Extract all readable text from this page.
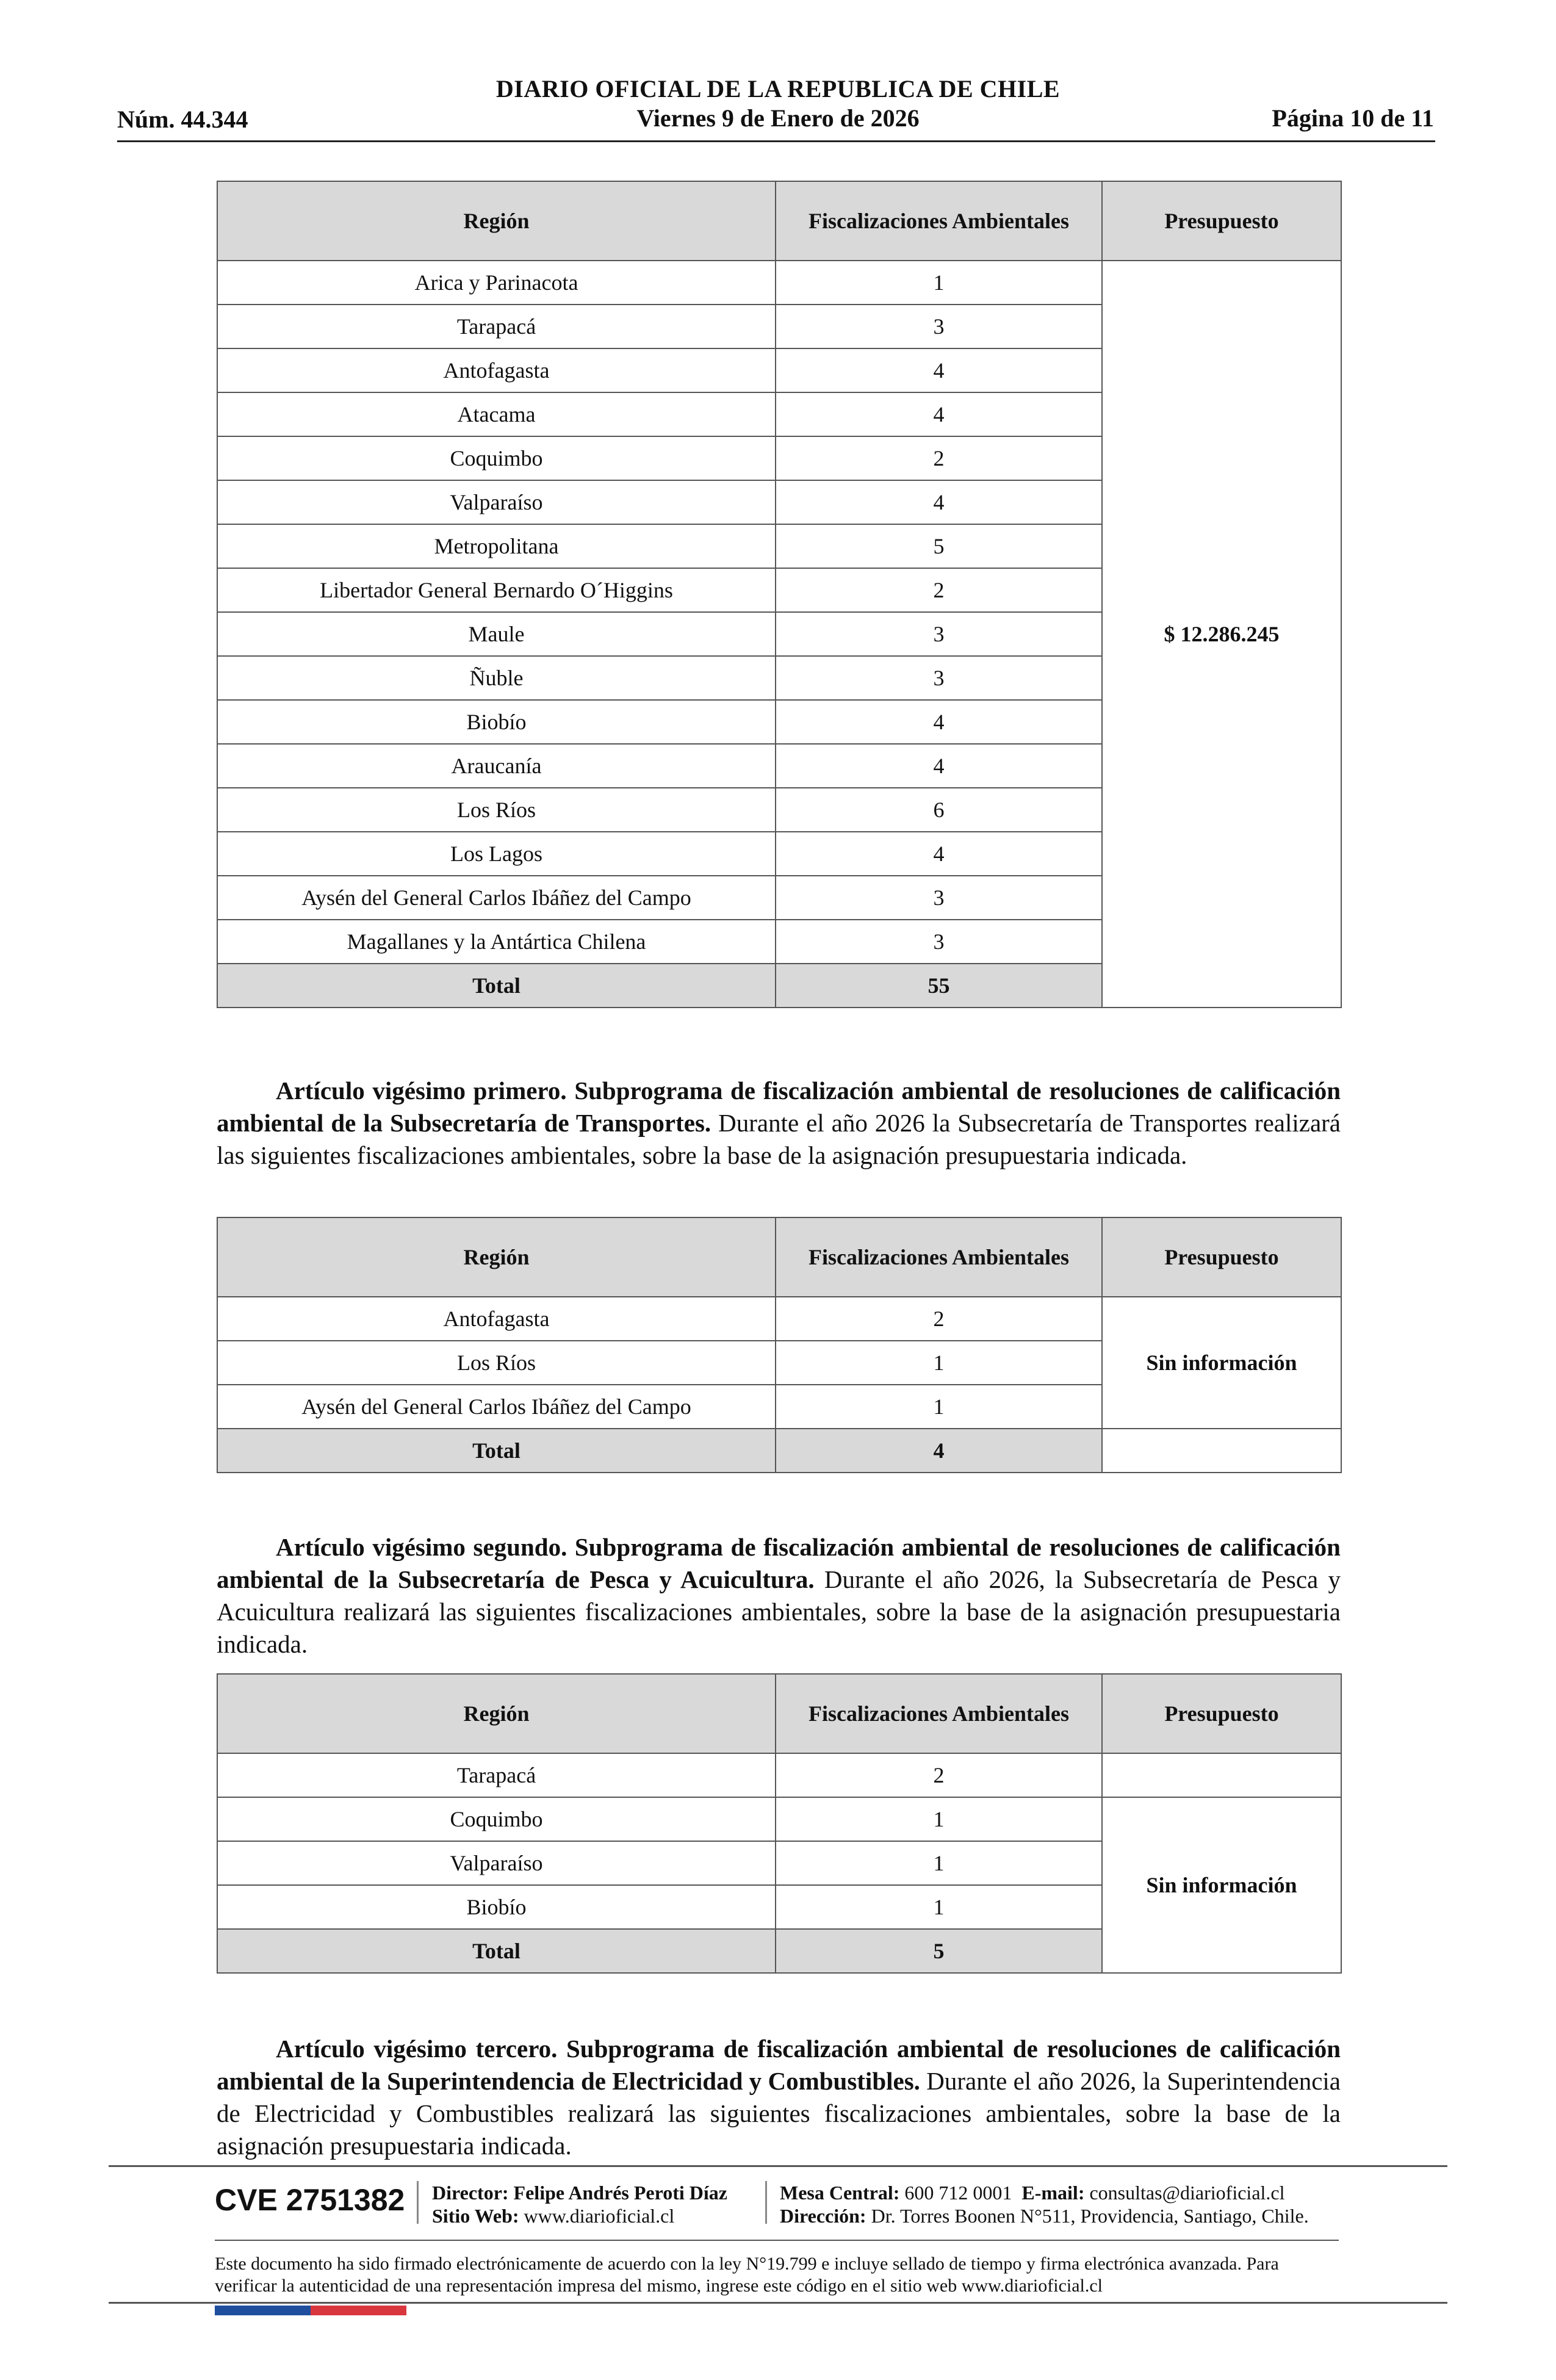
DIARIO OFICIAL DE LA REPUBLICA DE CHILE
Viernes 9 de Enero de 2026
Núm. 44.344	Página 10 de 11
Región	Fiscalizaciones Ambientales	Presupuesto
Arica y Parinacota	1	$ 12.286.245
Tarapacá	3	
Antofagasta	4	
Atacama	4	
Coquimbo	2	
Valparaíso	4	
Metropolitana	5	
Libertador General Bernardo O´Higgins	2	
Maule	3	
Ñuble	3	
Biobío	4	
Araucanía	4	
Los Ríos	6	
Los Lagos	4	
Aysén del General Carlos Ibáñez del Campo	3	
Magallanes y la Antártica Chilena	3	
Total	55	

Artículo vigésimo primero. Subprograma de fiscalización ambiental de resoluciones de calificación ambiental de la Subsecretaría de Transportes. Durante el año 2026 la Subsecretaría de Transportes realizará las siguientes fiscalizaciones ambientales, sobre la base de la asignación presupuestaria indicada.

Región	Fiscalizaciones Ambientales	Presupuesto
Antofagasta	2	Sin información
Los Ríos	1	
Aysén del General Carlos Ibáñez del Campo	1	
Total	4	

Artículo vigésimo segundo. Subprograma de fiscalización ambiental de resoluciones de calificación ambiental de la Subsecretaría de Pesca y Acuicultura. Durante el año 2026, la Subsecretaría de Pesca y Acuicultura realizará las siguientes fiscalizaciones ambientales, sobre la base de la asignación presupuestaria indicada.

Región	Fiscalizaciones Ambientales	Presupuesto
Tarapacá	2	
Coquimbo	1	Sin información
Valparaíso	1	
Biobío	1	
Total	5	

Artículo vigésimo tercero. Subprograma de fiscalización ambiental de resoluciones de calificación ambiental de la Superintendencia de Electricidad y Combustibles. Durante el año 2026, la Superintendencia de Electricidad y Combustibles realizará las siguientes fiscalizaciones ambientales, sobre la base de la asignación presupuestaria indicada.

CVE 2751382 Director: Felipe Andrés Peroti Díaz
Sitio Web: www.diarioficial.cl
Mesa Central: 600 712 0001 E-mail: consultas@diarioficial.cl
Dirección: Dr. Torres Boonen N°511, Providencia, Santiago, Chile.
Este documento ha sido firmado electrónicamente de acuerdo con la ley N°19.799 e incluye sellado de tiempo y firma electrónica avanzada. Para verificar la autenticidad de una representación impresa del mismo, ingrese este código en el sitio web www.diarioficial.cl
